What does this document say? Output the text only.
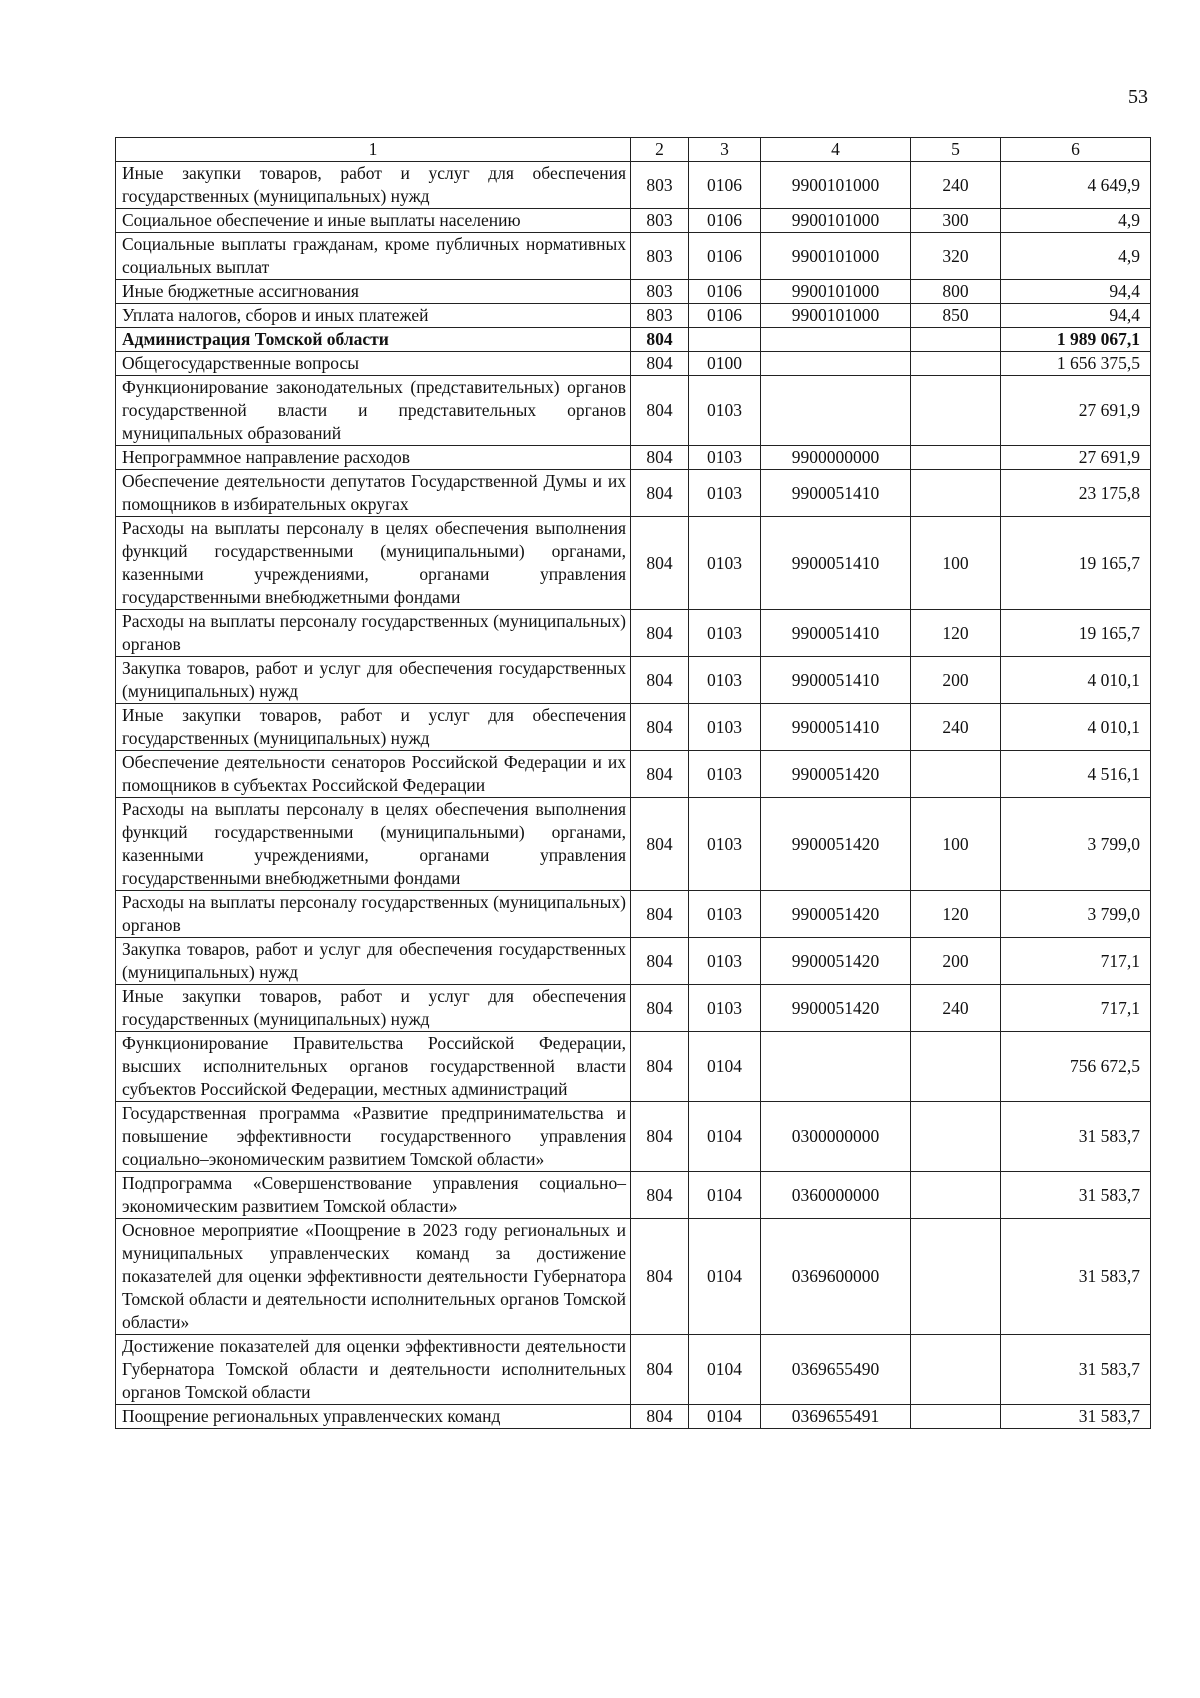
53
1	2	3	4	5	6
Иные закупки товаров, работ и услуг для обеспечения государственных (муниципальных) нужд	803	0106	9900101000	240	4 649,9
Социальное обеспечение и иные выплаты населению	803	0106	9900101000	300	4,9
Социальные выплаты гражданам, кроме публичных нормативных социальных выплат	803	0106	9900101000	320	4,9
Иные бюджетные ассигнования	803	0106	9900101000	800	94,4
Уплата налогов, сборов и иных платежей	803	0106	9900101000	850	94,4
Администрация Томской области	804				1 989 067,1
Общегосударственные вопросы	804	0100			1 656 375,5
Функционирование законодательных (представительных) органов государственной власти и представительных органов муниципальных образований	804	0103			27 691,9
Непрограммное направление расходов	804	0103	9900000000		27 691,9
Обеспечение деятельности депутатов Государственной Думы и их помощников в избирательных округах	804	0103	9900051410		23 175,8
Расходы на выплаты персоналу в целях обеспечения выполнения функций государственными (муниципальными) органами, казенными учреждениями, органами управления государственными внебюджетными фондами	804	0103	9900051410	100	19 165,7
Расходы на выплаты персоналу государственных (муниципальных) органов	804	0103	9900051410	120	19 165,7
Закупка товаров, работ и услуг для обеспечения государственных (муниципальных) нужд	804	0103	9900051410	200	4 010,1
Иные закупки товаров, работ и услуг для обеспечения государственных (муниципальных) нужд	804	0103	9900051410	240	4 010,1
Обеспечение деятельности сенаторов Российской Федерации и их помощников в субъектах Российской Федерации	804	0103	9900051420		4 516,1
Расходы на выплаты персоналу в целях обеспечения выполнения функций государственными (муниципальными) органами, казенными учреждениями, органами управления государственными внебюджетными фондами	804	0103	9900051420	100	3 799,0
Расходы на выплаты персоналу государственных (муниципальных) органов	804	0103	9900051420	120	3 799,0
Закупка товаров, работ и услуг для обеспечения государственных (муниципальных) нужд	804	0103	9900051420	200	717,1
Иные закупки товаров, работ и услуг для обеспечения государственных (муниципальных) нужд	804	0103	9900051420	240	717,1
Функционирование Правительства Российской Федерации, высших исполнительных органов государственной власти субъектов Российской Федерации, местных администраций	804	0104			756 672,5
Государственная программа «Развитие предпринимательства и повышение эффективности государственного управления социально–экономическим развитием Томской области»	804	0104	0300000000		31 583,7
Подпрограмма «Совершенствование управления социально–экономическим развитием Томской области»	804	0104	0360000000		31 583,7
Основное мероприятие «Поощрение в 2023 году региональных и муниципальных управленческих команд за достижение показателей для оценки эффективности деятельности Губернатора Томской области и деятельности исполнительных органов Томской области»	804	0104	0369600000		31 583,7
Достижение показателей для оценки эффективности деятельности Губернатора Томской области и деятельности исполнительных органов Томской области	804	0104	0369655490		31 583,7
Поощрение региональных управленческих команд	804	0104	0369655491		31 583,7
